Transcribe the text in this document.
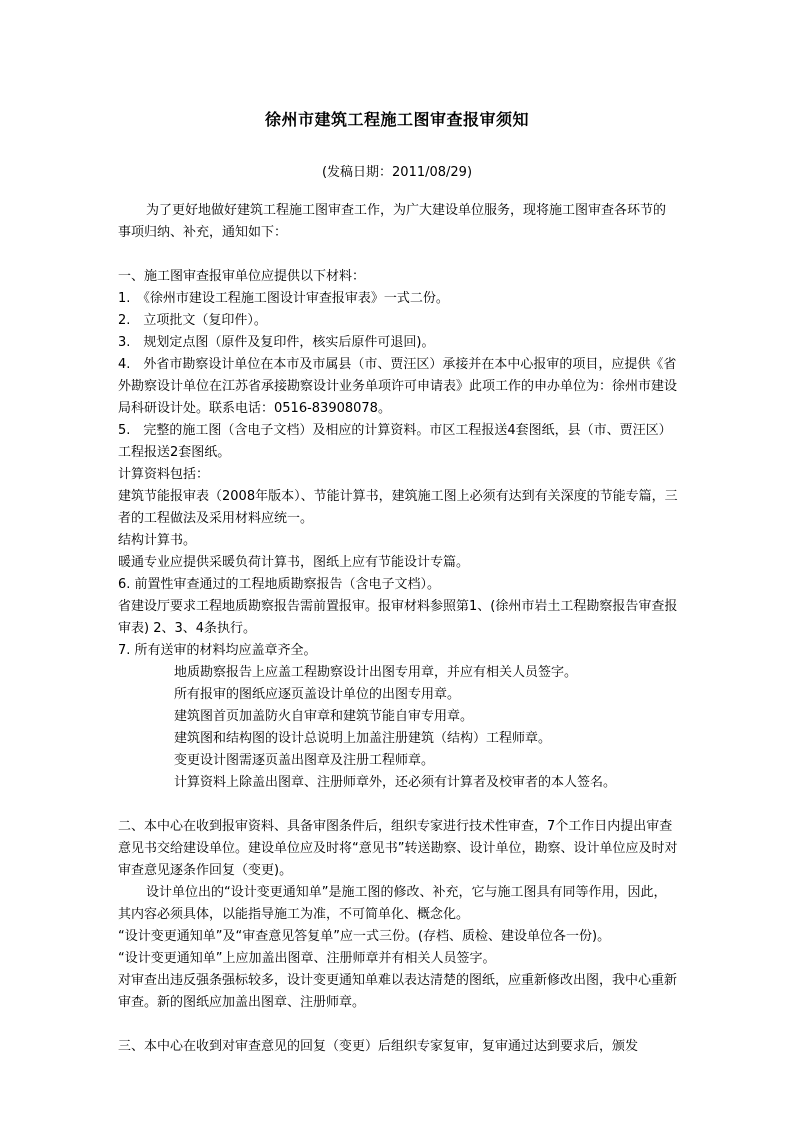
徐州市建筑工程施工图审查报审须知
(发稿日期：2011/08/29)

为了更好地做好建筑工程施工图审查工作，为广大建设单位服务，现将施工图审查各环节的事项归纳、补充，通知如下：

一、施工图审查报审单位应提供以下材料：

1.　《徐州市建设工程施工图设计审查报审表》一式二份。

2.　立项批文（复印件）。

3.　规划定点图（原件及复印件，核实后原件可退回)。

4.　外省市勘察设计单位在本市及市属县（市、贾汪区）承接并在本中心报审的项目，应提供《省外勘察设计单位在江苏省承接勘察设计业务单项许可申请表》此项工作的申办单位为：徐州市建设局科研设计处。联系电话：0516-83908078。

5.　完整的施工图（含电子文档）及相应的计算资料。市区工程报送4套图纸，县（市、贾汪区）工程报送2套图纸。

计算资料包括：

建筑节能报审表（2008年版本）、节能计算书，建筑施工图上必须有达到有关深度的节能专篇，三者的工程做法及采用材料应统一。

结构计算书。

暖通专业应提供采暖负荷计算书，图纸上应有节能设计专篇。

6. 前置性审查通过的工程地质勘察报告（含电子文档）。

省建设厅要求工程地质勘察报告需前置报审。报审材料参照第1、(徐州市岩土工程勘察报告审查报审表) 2、3、4条执行。

7. 所有送审的材料均应盖章齐全。

地质勘察报告上应盖工程勘察设计出图专用章，并应有相关人员签字。

所有报审的图纸应逐页盖设计单位的出图专用章。

建筑图首页加盖防火自审章和建筑节能自审专用章。

建筑图和结构图的设计总说明上加盖注册建筑（结构）工程师章。

变更设计图需逐页盖出图章及注册工程师章。

计算资料上除盖出图章、注册师章外，还必须有计算者及校审者的本人签名。

二、本中心在收到报审资料、具备审图条件后，组织专家进行技术性审查，7个工作日内提出审查意见书交给建设单位。建设单位应及时将“意见书”转送勘察、设计单位，勘察、设计单位应及时对审查意见逐条作回复（变更)。

设计单位出的“设计变更通知单”是施工图的修改、补充，它与施工图具有同等作用，因此，其内容必须具体，以能指导施工为准，不可简单化、概念化。

“设计变更通知单”及“审查意见答复单”应一式三份。(存档、质检、建设单位各一份)。

“设计变更通知单”上应加盖出图章、注册师章并有相关人员签字。

对审查出违反强条强标较多，设计变更通知单难以表达清楚的图纸，应重新修改出图，我中心重新审查。新的图纸应加盖出图章、注册师章。

三、本中心在收到对审查意见的回复（变更）后组织专家复审，复审通过达到要求后，颁发
